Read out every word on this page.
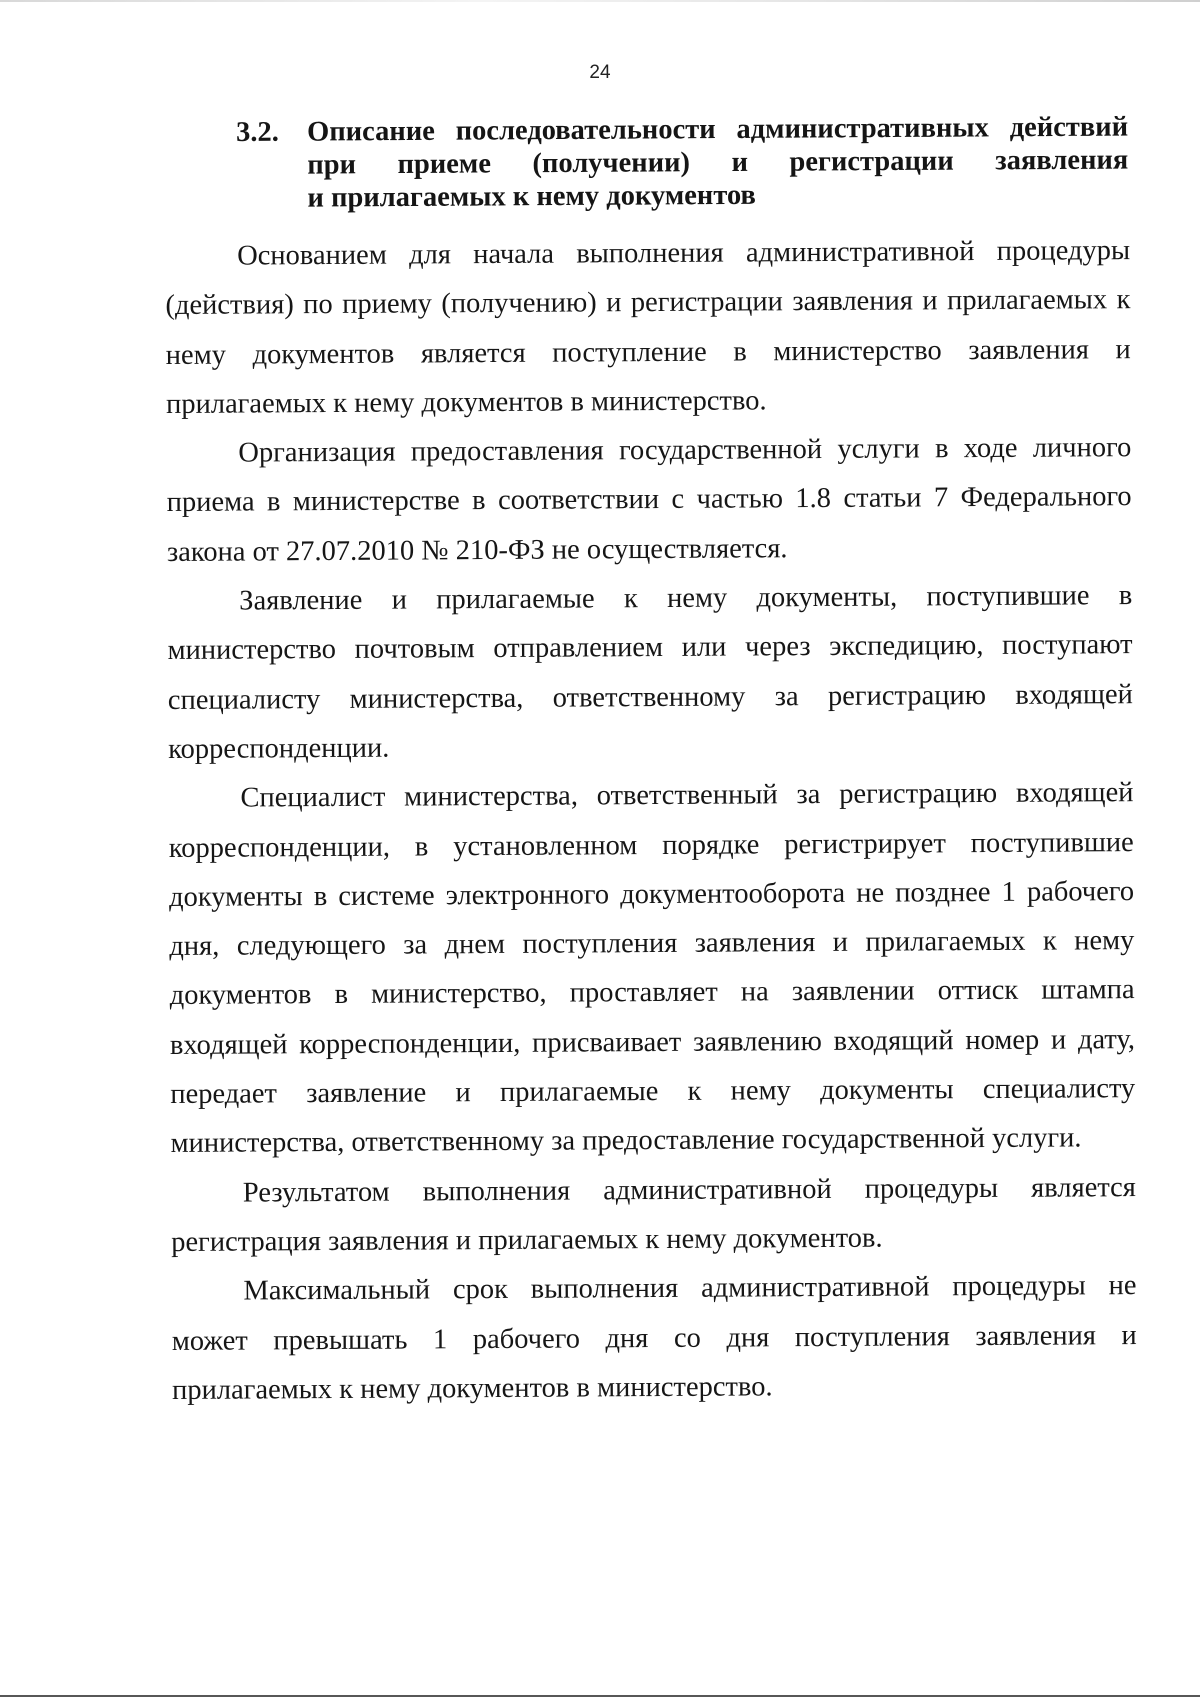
24
3.2. Описание последовательности административных действий
при приеме (получении) и регистрации заявления
и прилагаемых к нему документов

Основанием для начала выполнения административной процедуры (действия) по приему (получению) и регистрации заявления и прилагаемых к нему документов является поступление в министерство заявления и прилагаемых к нему документов в министерство.

Организация предоставления государственной услуги в ходе личного приема в министерстве в соответствии с частью 1.8 статьи 7 Федерального закона от 27.07.2010 № 210-ФЗ не осуществляется.

Заявление и прилагаемые к нему документы, поступившие в министерство почтовым отправлением или через экспедицию, поступают специалисту министерства, ответственному за регистрацию входящей корреспонденции.

Специалист министерства, ответственный за регистрацию входящей корреспонденции, в установленном порядке регистрирует поступившие документы в системе электронного документооборота не позднее 1 рабочего дня, следующего за днем поступления заявления и прилагаемых к нему документов в министерство, проставляет на заявлении оттиск штампа входящей корреспонденции, присваивает заявлению входящий номер и дату, передает заявление и прилагаемые к нему документы специалисту министерства, ответственному за предоставление государственной услуги.

Результатом выполнения административной процедуры является регистрация заявления и прилагаемых к нему документов.

Максимальный срок выполнения административной процедуры не может превышать 1 рабочего дня со дня поступления заявления и прилагаемых к нему документов в министерство.
